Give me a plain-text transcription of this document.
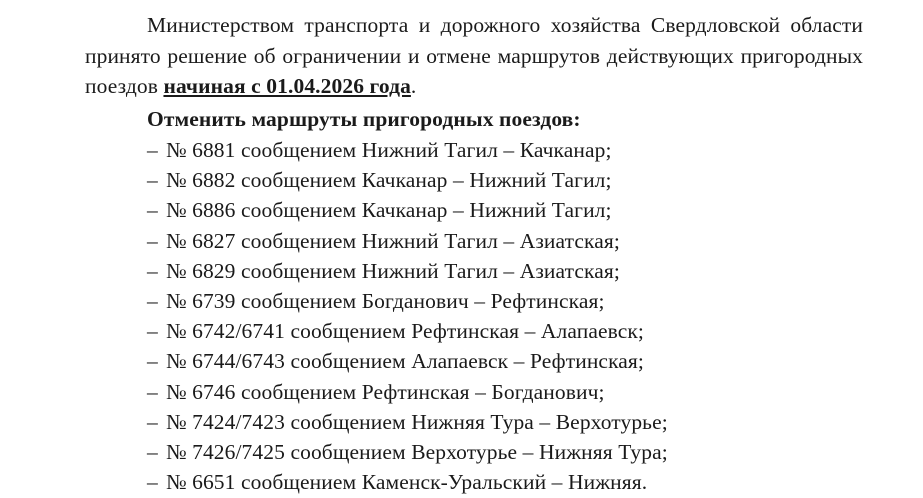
Министерством транспорта и дорожного хозяйства Свердловской области принято решение об ограничении и отмене маршрутов действующих пригородных поездов начиная с 01.04.2026 года.

Отменить маршруты пригородных поездов:

– № 6881 сообщением Нижний Тагил – Качканар;
– № 6882 сообщением Качканар – Нижний Тагил;
– № 6886 сообщением Качканар – Нижний Тагил;
– № 6827 сообщением Нижний Тагил – Азиатская;
– № 6829 сообщением Нижний Тагил – Азиатская;
– № 6739 сообщением Богданович – Рефтинская;
– № 6742/6741 сообщением Рефтинская – Алапаевск;
– № 6744/6743 сообщением Алапаевск – Рефтинская;
– № 6746 сообщением Рефтинская – Богданович;
– № 7424/7423 сообщением Нижняя Тура – Верхотурье;
– № 7426/7425 сообщением Верхотурье – Нижняя Тура;
– № 6651 сообщением Каменск-Уральский – Нижняя.
